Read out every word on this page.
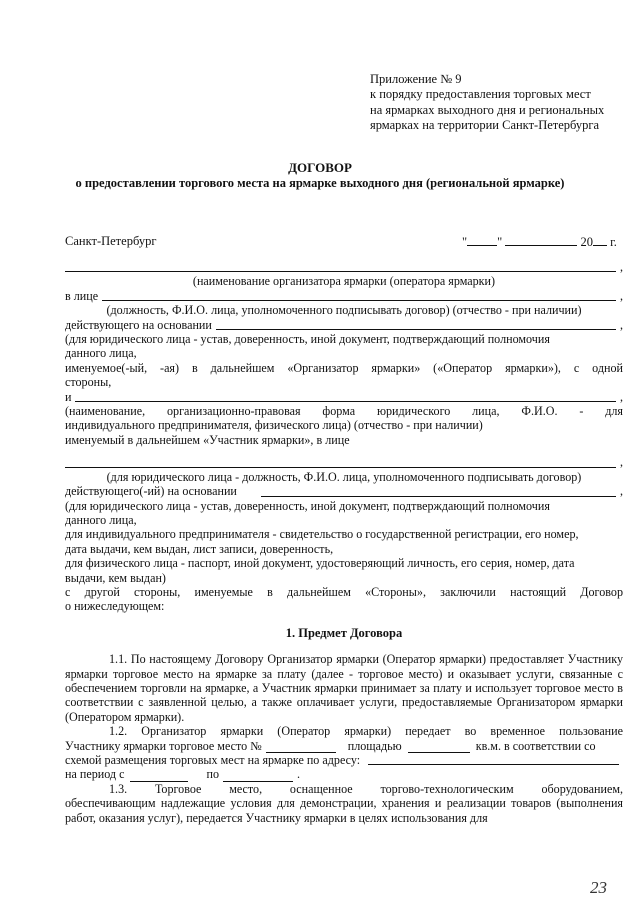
Приложение № 9
к порядку предоставления торговых мест
на ярмарках выходного дня и региональных
ярмарках на территории Санкт-Петербурга
ДОГОВОР
о предоставлении торгового места на ярмарке выходного дня (региональной ярмарке)
Санкт-Петербург	" "	20 г.
,
(наименование организатора ярмарки (оператора ярмарки)
в лице	,
(должность, Ф.И.О. лица, уполномоченного подписывать договор) (отчество - при наличии)
действующего на основании	,
(для юридического лица - устав, доверенность, иной документ, подтверждающий полномочия
данного лица,
именуемое(-ый, -ая) в дальнейшем «Организатор ярмарки» («Оператор ярмарки»), с одной
стороны,
и	,
(наименование, организационно-правовая форма юридического лица, Ф.И.О. - для
индивидуального предпринимателя, физического лица) (отчество - при наличии)
именуемый в дальнейшем «Участник ярмарки», в лице
,
(для юридического лица - должность, Ф.И.О. лица, уполномоченного подписывать договор)
действующего(-ий) на основании	,
(для юридического лица - устав, доверенность, иной документ, подтверждающий полномочия
данного лица,
для индивидуального предпринимателя - свидетельство о государственной регистрации, его номер,
дата выдачи, кем выдан, лист записи, доверенность,
для физического лица - паспорт, иной документ, удостоверяющий личность, его серия, номер, дата
выдачи, кем выдан)
с другой стороны, именуемые в дальнейшем «Стороны», заключили настоящий Договор
о нижеследующем:
1. Предмет Договора
1.1. По настоящему Договору Организатор ярмарки (Оператор ярмарки) предоставляет Участнику ярмарки торговое место на ярмарке за плату (далее - торговое место) и оказывает услуги, связанные с обеспечением торговли на ярмарке, а Участник ярмарки принимает за плату и использует торговое место в соответствии с заявленной целью, а также оплачивает услуги, предоставляемые Организатором ярмарки (Оператором ярмарки).
1.2. Организатор ярмарки (Оператор ярмарки) передает во временное пользование
Участнику ярмарки торговое место №	площадью	кв.м. в соответствии со
схемой размещения торговых мест на ярмарке по адресу:
на период с	по	.
1.3. Торговое место, оснащенное торгово-технологическим оборудованием,
обеспечивающим надлежащие условия для демонстрации, хранения и реализации товаров (выполнения работ, оказания услуг), передается Участнику ярмарки в целях использования для
23
